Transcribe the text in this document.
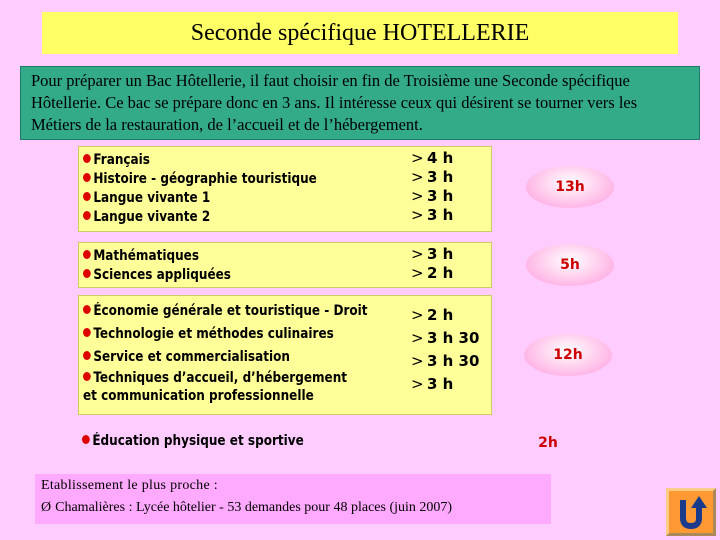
Seconde spécifique HOTELLERIE
Pour préparer un Bac Hôtellerie, il faut choisir en fin de Troisième une Seconde spécifique Hôtellerie. Ce bac se prépare donc en 3 ans. Il intéresse ceux qui désirent se tourner vers les Métiers de la restauration, de l’accueil et de l’hébergement.
Français
Histoire - géographie touristique
Langue vivante 1
Langue vivante 2
> 4 h
> 3 h
> 3 h
> 3 h
13h
Mathématiques
Sciences appliquées
> 3 h
> 2 h	5h
Économie générale et touristique - Droit
Technologie et méthodes culinaires
Service et commercialisation
Techniques d’accueil, d’hébergement
et communication professionnelle
> 2 h
> 3 h 30
> 3 h 30
> 3 h
12h
Éducation physique et sportive	2h
Etablissement le plus proche :
Ø Chamalières : Lycée hôtelier - 53 demandes pour 48 places (juin 2007)
